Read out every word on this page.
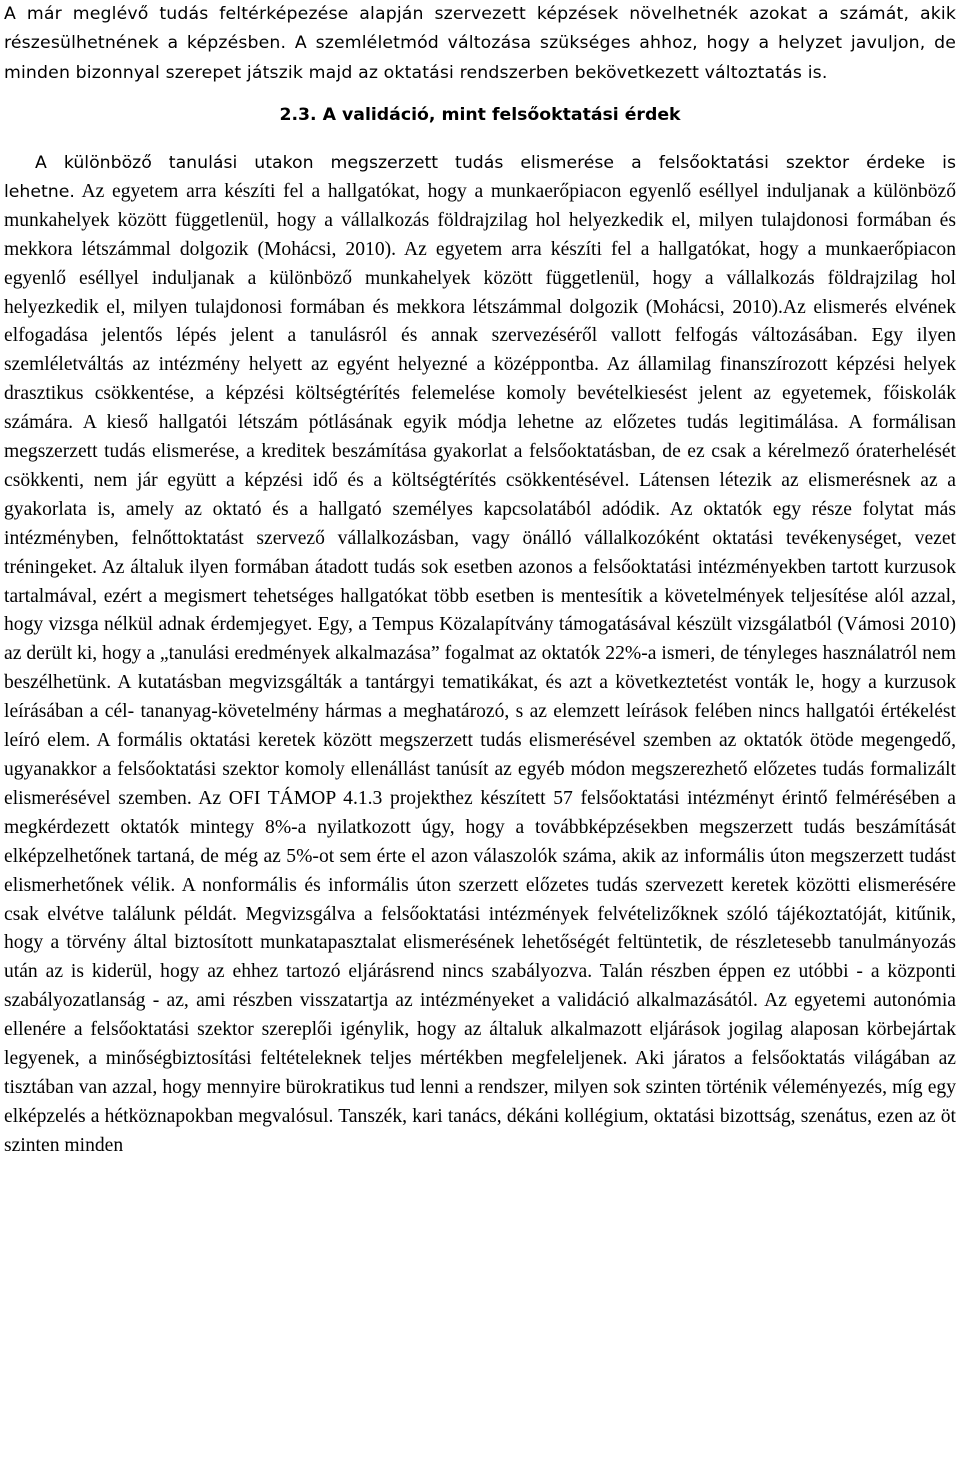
A már meglévő tudás feltérképezése alapján szervezett képzések növelhetnék azokat a számát, akik részesülhetnének a képzésben. A szemléletmód változása szükséges ahhoz, hogy a helyzet javuljon, de minden bizonnyal szerepet játszik majd az oktatási rendszerben bekövetkezett változtatás is.

2.3. A validáció, mint felsőoktatási érdek

A különböző tanulási utakon megszerzett tudás elismerése a felsőoktatási szektor érdeke is

lehetne. Az egyetem arra készíti fel a hallgatókat, hogy a munkaerőpiacon egyenlő eséllyel induljanak a különböző munkahelyek között függetlenül, hogy a vállalkozás földrajzilag hol helyezkedik el, milyen tulajdonosi formában és mekkora létszámmal dolgozik (Mohácsi, 2010). Az egyetem arra készíti fel a hallgatókat, hogy a munkaerőpiacon egyenlő eséllyel induljanak a különböző munkahelyek között függetlenül, hogy a vállalkozás földrajzilag hol helyezkedik el, milyen tulajdonosi formában és mekkora létszámmal dolgozik (Mohácsi, 2010).Az elismerés elvének elfogadása jelentős lépés jelent a tanulásról és annak szervezéséről vallott felfogás változásában. Egy ilyen szemléletváltás az intézmény helyett az egyént helyezné a középpontba. Az államilag finanszírozott képzési helyek drasztikus csökkentése, a képzési költségtérítés felemelése komoly bevételkiesést jelent az egyetemek, főiskolák számára. A kieső hallgatói létszám pótlásának egyik módja lehetne az előzetes tudás legitimálása. A formálisan megszerzett tudás elismerése, a kreditek beszámítása gyakorlat a felsőoktatásban, de ez csak a kérelmező óraterhelését csökkenti, nem jár együtt a képzési idő és a költségtérítés csökkentésével. Látensen létezik az elismerésnek az a gyakorlata is, amely az oktató és a hallgató személyes kapcsolatából adódik. Az oktatók egy része folytat más intézményben, felnőttoktatást szervező vállalkozásban, vagy önálló vállalkozóként oktatási tevékenységet, vezet tréningeket. Az általuk ilyen formában átadott tudás sok esetben azonos a felsőoktatási intézményekben tartott kurzusok tartalmával, ezért a megismert tehetséges hallgatókat több esetben is mentesítik a követelmények teljesítése alól azzal, hogy vizsga nélkül adnak érdemjegyet. Egy, a Tempus Közalapítvány támogatásával készült vizsgálatból (Vámosi 2010) az derült ki, hogy a „tanulási eredmények alkalmazása” fogalmat az oktatók 22%-a ismeri, de tényleges használatról nem beszélhetünk. A kutatásban megvizsgálták a tantárgyi tematikákat, és azt a következtetést vonták le, hogy a kurzusok leírásában a cél- tananyag-követelmény hármas a meghatározó, s az elemzett leírások felében nincs hallgatói értékelést leíró elem. A formális oktatási keretek között megszerzett tudás elismerésével szemben az oktatók ötöde megengedő, ugyanakkor a felsőoktatási szektor komoly ellenállást tanúsít az egyéb módon megszerezhető előzetes tudás formalizált elismerésével szemben. Az OFI TÁMOP 4.1.3 projekthez készített 57 felsőoktatási intézményt érintő felmérésében a megkérdezett oktatók mintegy 8%-a nyilatkozott úgy, hogy a továbbképzésekben megszerzett tudás beszámítását elképzelhetőnek tartaná, de még az 5%-ot sem érte el azon válaszolók száma, akik az informális úton megszerzett tudást elismerhetőnek vélik. A nonformális és informális úton szerzett előzetes tudás szervezett keretek közötti elismerésére csak elvétve találunk példát. Megvizsgálva a felsőoktatási intézmények felvételizőknek szóló tájékoztatóját, kitűnik, hogy a törvény által biztosított munkatapasztalat elismerésének lehetőségét feltüntetik, de részletesebb tanulmányozás után az is kiderül, hogy az ehhez tartozó eljárásrend nincs szabályozva. Talán részben éppen ez utóbbi - a központi szabályozatlanság - az, ami részben visszatartja az intézményeket a validáció alkalmazásától. Az egyetemi autonómia ellenére a felsőoktatási szektor szereplői igénylik, hogy az általuk alkalmazott eljárások jogilag alaposan körbejártak legyenek, a minőségbiztosítási feltételeknek teljes mértékben megfeleljenek. Aki járatos a felsőoktatás világában az tisztában van azzal, hogy mennyire bürokratikus tud lenni a rendszer, milyen sok szinten történik véleményezés, míg egy elképzelés a hétköznapokban megvalósul. Tanszék, kari tanács, dékáni kollégium, oktatási bizottság, szenátus, ezen az öt szinten minden
